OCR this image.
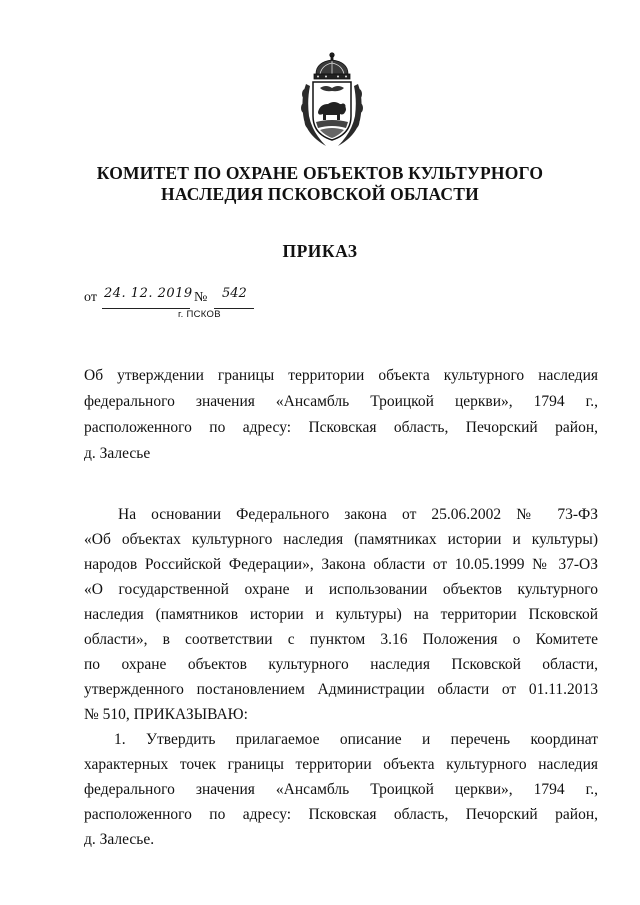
КОМИТЕТ ПО ОХРАНЕ ОБЪЕКТОВ КУЛЬТУРНОГО
НАСЛЕДИЯ ПСКОВСКОЙ ОБЛАСТИ
ПРИКАЗ
от 24. 12. 2019 № 542
г. ПСКОВ
Об утверждении границы территории объекта культурного наследия
федерального значения «Ансамбль Троицкой церкви», 1794 г.,
расположенного по адресу: Псковская область, Печорский район,
д. Залесье
На основании Федерального закона от 25.06.2002 № 73-ФЗ
«Об объектах культурного наследия (памятниках истории и культуры)
народов Российской Федерации», Закона области от 10.05.1999 № 37-ОЗ
«О государственной охране и использовании объектов культурного
наследия (памятников истории и культуры) на территории Псковской
области», в соответствии с пунктом 3.16 Положения о Комитете
по охране объектов культурного наследия Псковской области,
утвержденного постановлением Администрации области от 01.11.2013
№ 510, ПРИКАЗЫВАЮ:
1. Утвердить прилагаемое описание и перечень координат
характерных точек границы территории объекта культурного наследия
федерального значения «Ансамбль Троицкой церкви», 1794 г.,
расположенного по адресу: Псковская область, Печорский район,
д. Залесье.
